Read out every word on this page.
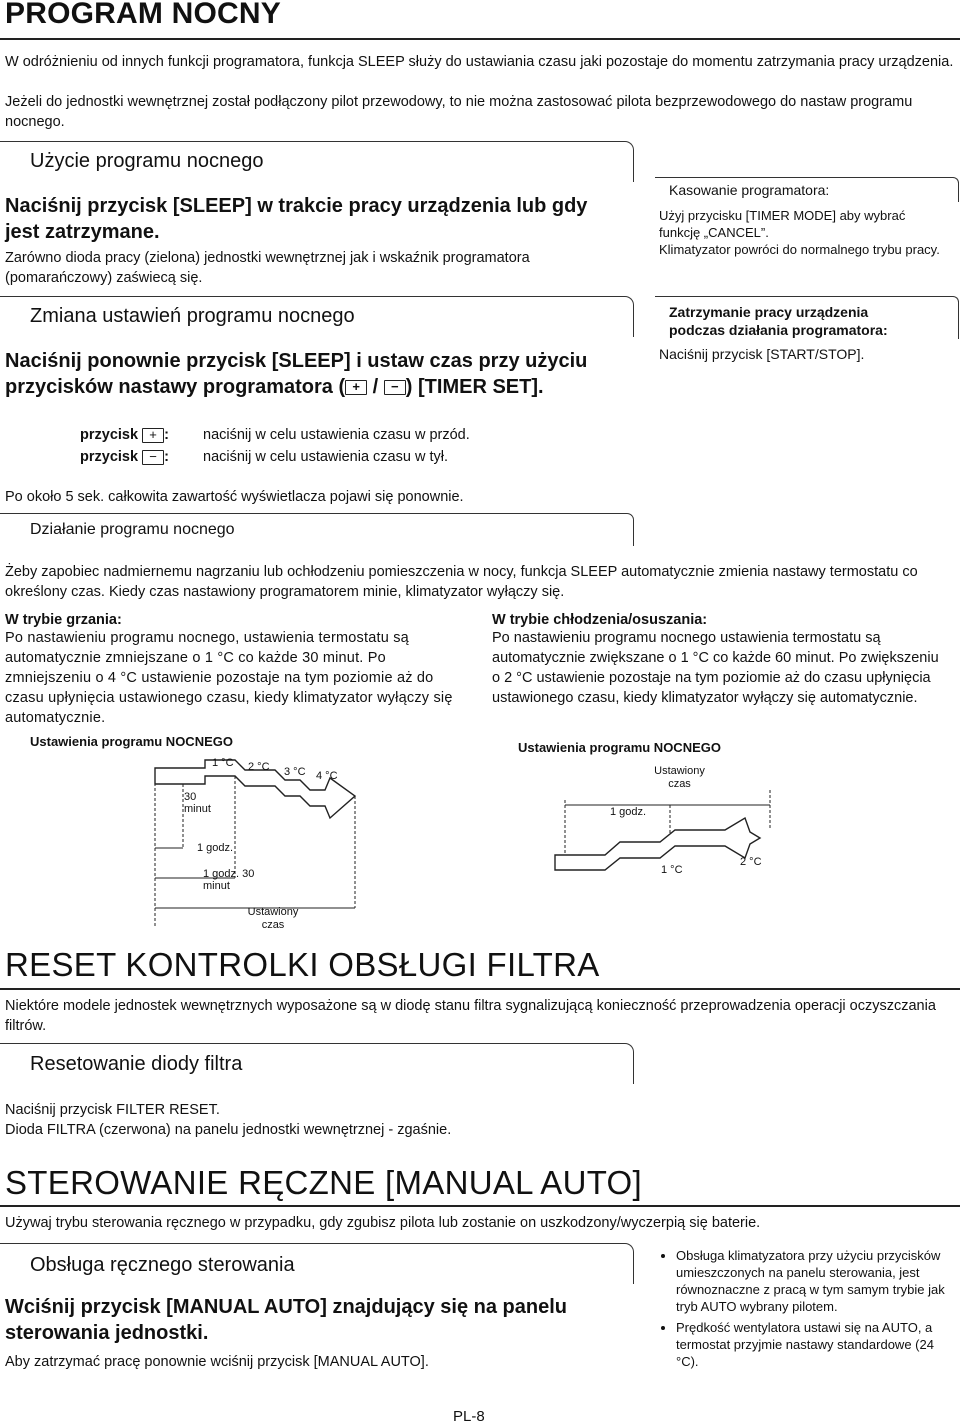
PROGRAM NOCNY
W odróżnieniu od innych funkcji programatora, funkcja SLEEP służy do ustawiania czasu jaki pozostaje do momentu zatrzymania pracy urządzenia.
Jeżeli do jednostki wewnętrznej został podłączony pilot przewodowy, to nie można zastosować pilota bezprzewodowego do nastaw programu nocnego.
Użycie programu nocnego
Naciśnij przycisk [SLEEP] w trakcie pracy urządzenia lub gdy jest zatrzymane.
Zarówno dioda pracy (zielona) jednostki wewnętrznej jak i wskaźnik programatora (pomarańczowy) zaświecą się.
Zmiana ustawień programu nocnego
Naciśnij ponownie przycisk [SLEEP] i ustaw czas przy użyciu przycisków nastawy programatora ( + / − ) [TIMER SET].
przycisk + : naciśnij w celu ustawienia czasu w przód.
przycisk − : naciśnij w celu ustawienia czasu w tył.
Po około 5 sek. całkowita zawartość wyświetlacza pojawi się ponownie.
Kasowanie programatora:
Użyj przycisku [TIMER MODE] aby wybrać funkcję „CANCEL”.
Klimatyzator powróci do normalnego trybu pracy.
Zatrzymanie pracy urządzenia podczas działania programatora:
Naciśnij przycisk [START/STOP].
Działanie programu nocnego
Żeby zapobiec nadmiernemu nagrzaniu lub ochłodzeniu pomieszczenia w nocy, funkcja SLEEP automatycznie zmienia nastawy termostatu co określony czas. Kiedy czas nastawiony programatorem minie, klimatyzator wyłączy się.
W trybie grzania:
Po nastawieniu programu nocnego, ustawienia termostatu są automatycznie zmniejszane o 1 °C co każde 30 minut. Po zmniejszeniu o 4 °C ustawienie pozostaje na tym poziomie aż do czasu upłynięcia ustawionego czasu, kiedy klimatyzator wyłączy się automatycznie.
W trybie chłodzenia/osuszania:
Po nastawieniu programu nocnego ustawienia termostatu są automatycznie zwiększane o 1 °C co każde 60 minut. Po zwiększeniu o 2 °C ustawienie pozostaje na tym poziomie aż do czasu upłynięcia ustawionego czasu, kiedy klimatyzator wyłączy się automatycznie.
Ustawienia programu NOCNEGO
1 °C 2 °C 3 °C 4 °C
30 minut
1 godz.
1 godz. 30 minut
Ustawiony czas
Ustawienia programu NOCNEGO
Ustawiony czas
1 godz.
1 °C
2 °C
RESET KONTROLKI OBSŁUGI FILTRA
Niektóre modele jednostek wewnętrznych wyposażone są w diodę stanu filtra sygnalizującą konieczność przeprowadzenia operacji oczyszczania filtrów.
Resetowanie diody filtra
Naciśnij przycisk FILTER RESET.
Dioda FILTRA (czerwona) na panelu jednostki wewnętrznej - zgaśnie.
STEROWANIE RĘCZNE [MANUAL AUTO]
Używaj trybu sterowania ręcznego w przypadku, gdy zgubisz pilota lub zostanie on uszkodzony/wyczerpią się baterie.
Obsługa ręcznego sterowania
Wciśnij przycisk [MANUAL AUTO] znajdujący się na panelu sterowania jednostki.
Aby zatrzymać pracę ponownie wciśnij przycisk [MANUAL AUTO].
• Obsługa klimatyzatora przy użyciu przycisków umieszczonych na panelu sterowania, jest równoznaczne z pracą w tym samym trybie jak tryb AUTO wybrany pilotem.
• Prędkość wentylatora ustawi się na AUTO, a termostat przyjmie nastawy standardowe (24 °C).
PL-8
